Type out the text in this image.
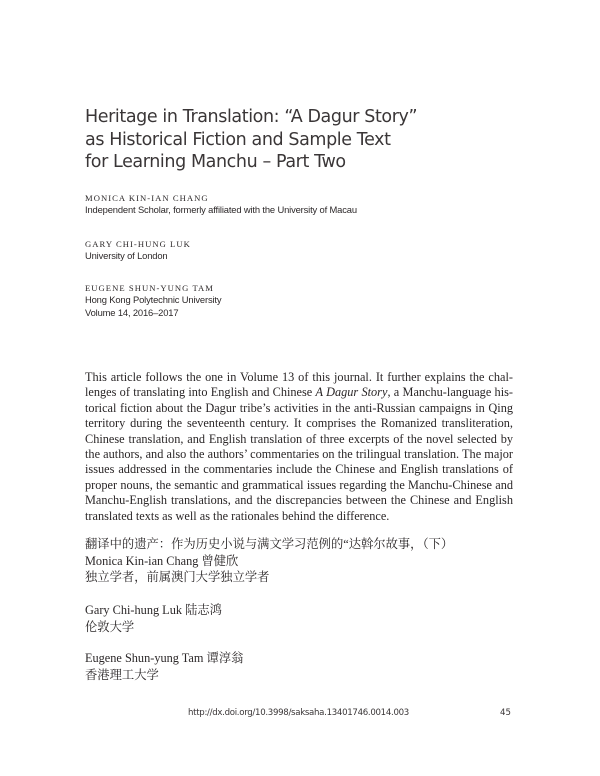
Heritage in Translation: “A Dagur Story”
as Historical Fiction and Sample Text
for Learning Manchu – Part Two
MONICA KIN-IAN CHANG
Independent Scholar, formerly affiliated with the University of Macau
GARY CHI-HUNG LUK
University of London
EUGENE SHUN-YUNG TAM
Hong Kong Polytechnic University
Volume 14, 2016–2017
This article follows the one in Volume 13 of this journal. It further explains the chal-
lenges of translating into English and Chinese A Dagur Story, a Manchu-language his-
torical fiction about the Dagur tribe’s activities in the anti-Russian campaigns in Qing
territory during the seventeenth century. It comprises the Romanized transliteration,
Chinese translation, and English translation of three excerpts of the novel selected by
the authors, and also the authors’ commentaries on the trilingual translation. The major
issues addressed in the commentaries include the Chinese and English translations of
proper nouns, the semantic and grammatical issues regarding the Manchu-Chinese and
Manchu-English translations, and the discrepancies between the Chinese and English
translated texts as well as the rationales behind the difference.
翻译中的遗产：作为历史小说与满文学习范例的“达斡尔故事，（下）
Monica Kin-ian Chang 曾健欣
独立学者，前属澳门大学独立学者
Gary Chi-hung Luk 陆志鸿
伦敦大学
Eugene Shun-yung Tam 谭淳翁
香港理工大学
http://dx.doi.org/10.3998/saksaha.13401746.0014.003	45
